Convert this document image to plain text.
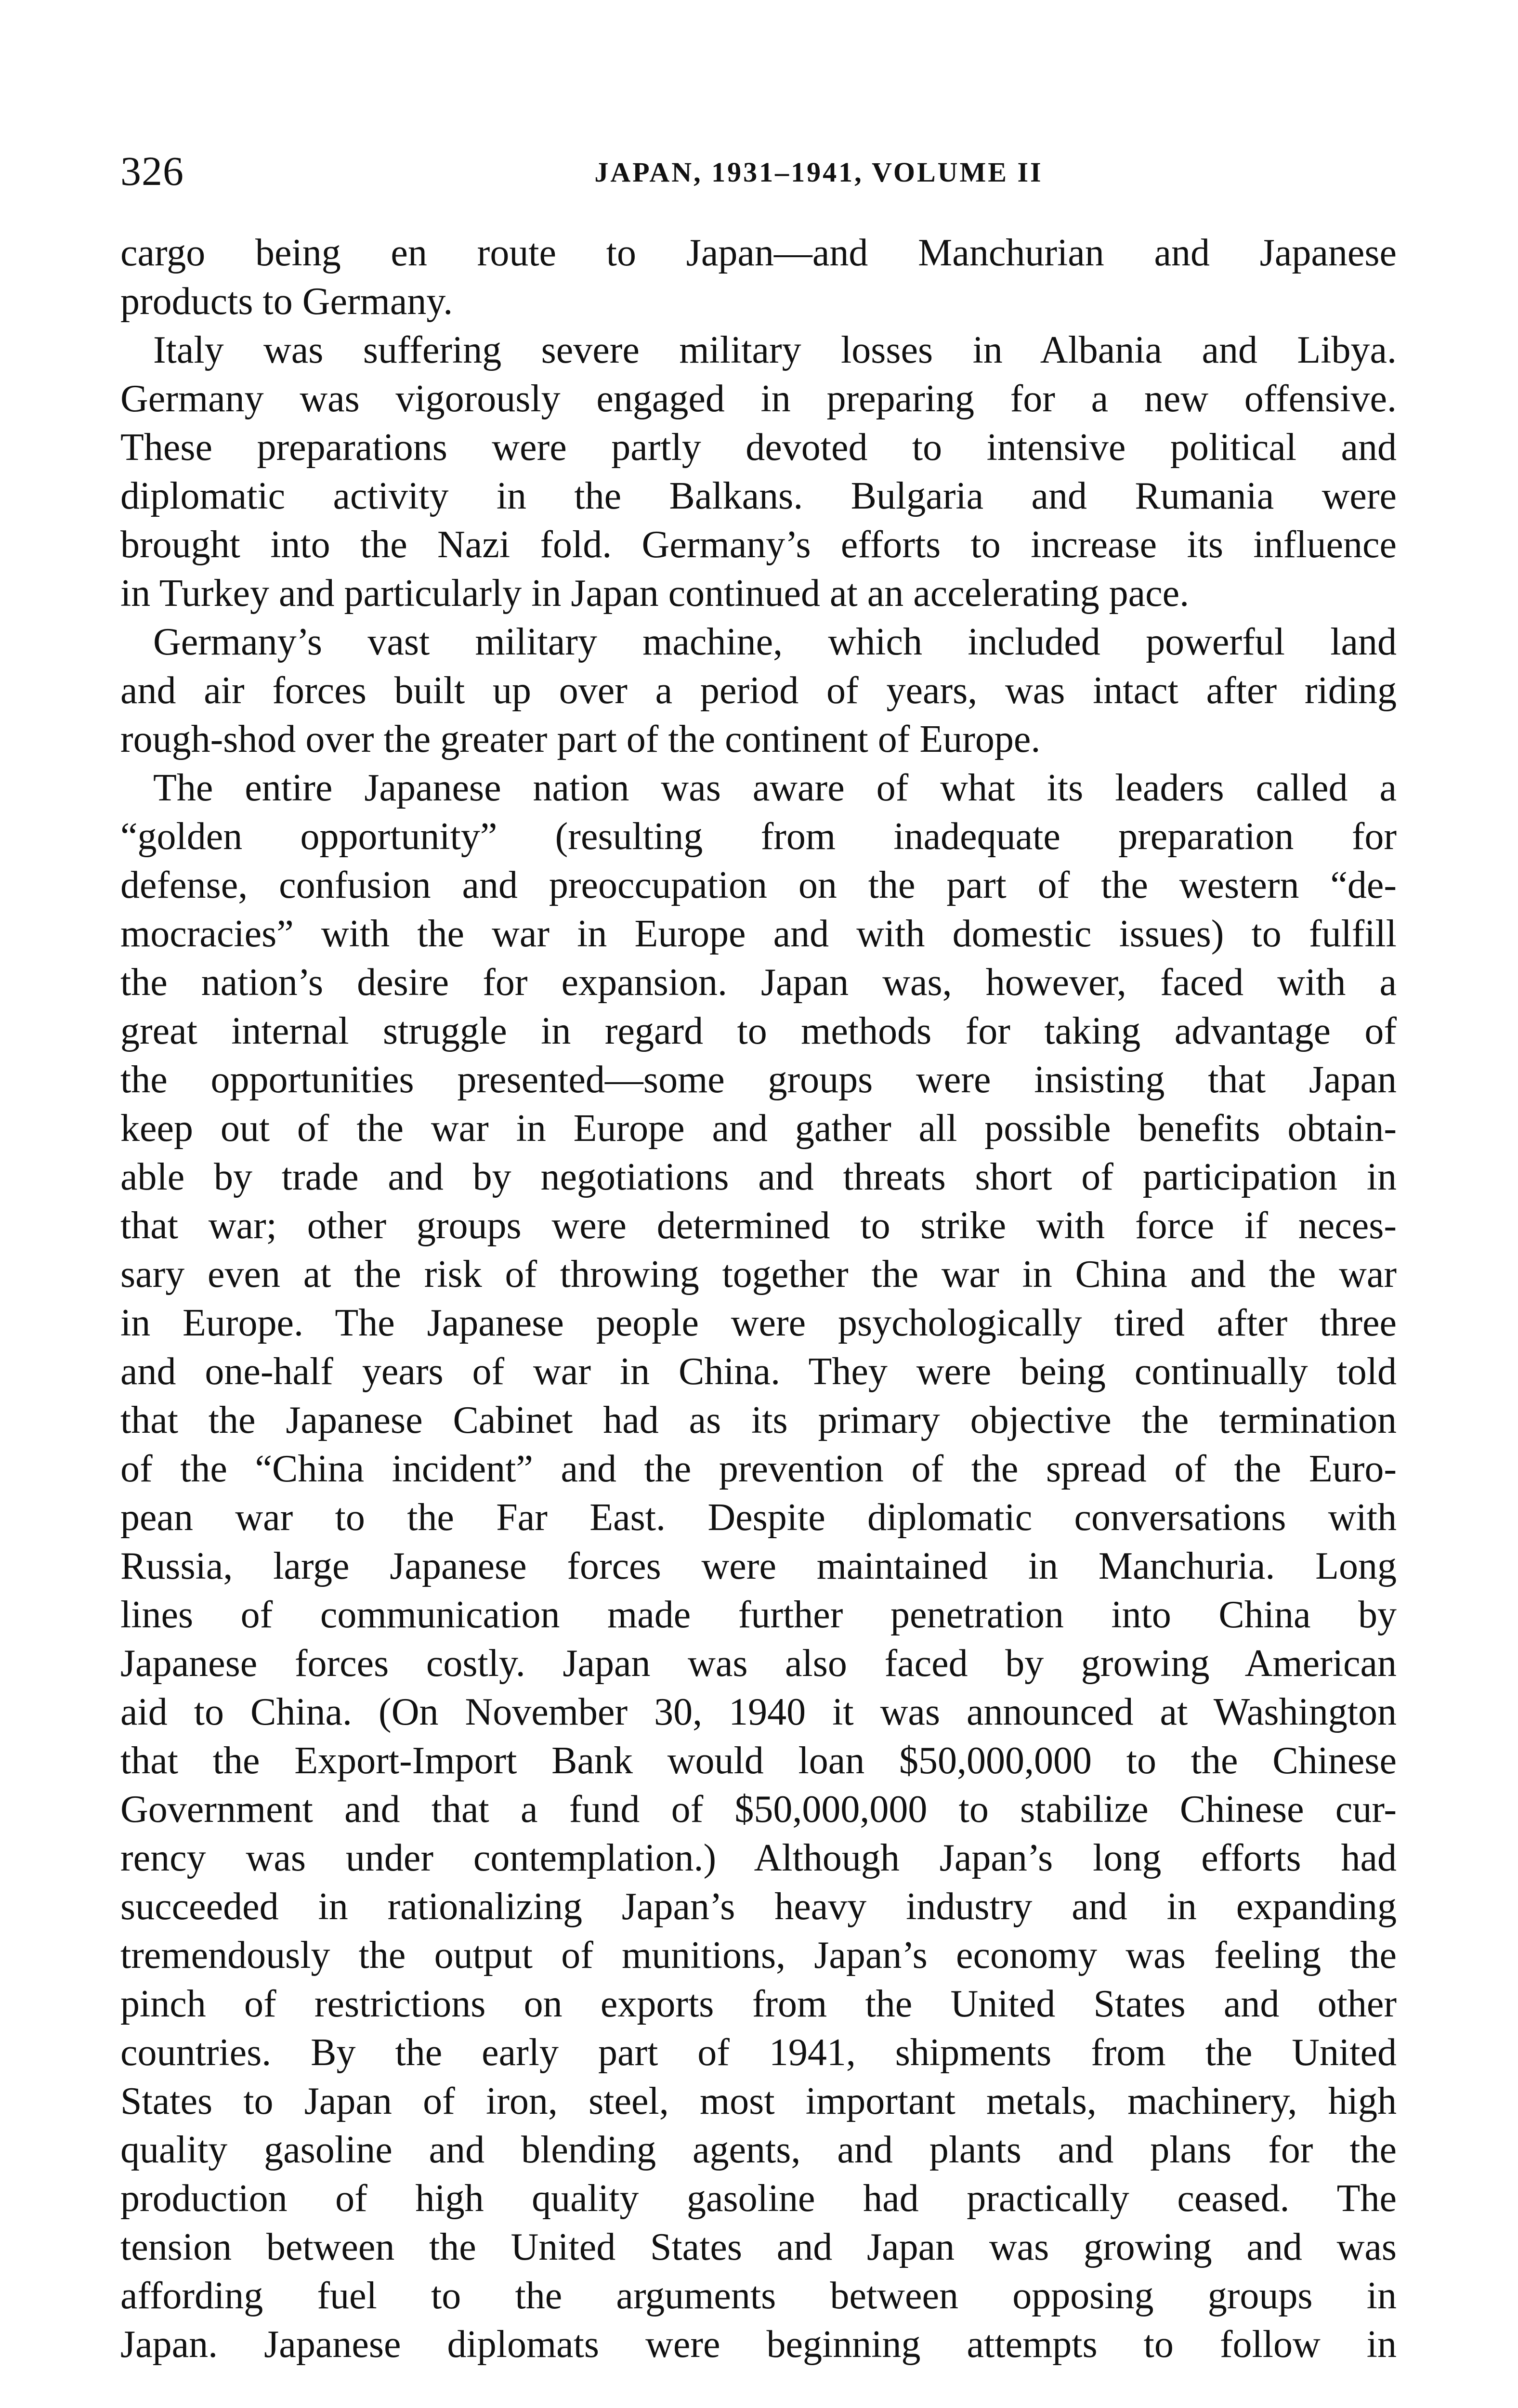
326	JAPAN, 1931–1941, VOLUME II
cargo being en route to Japan—and Manchurian and Japanese
products to Germany.
Italy was suffering severe military losses in Albania and Libya.
Germany was vigorously engaged in preparing for a new offensive.
These preparations were partly devoted to intensive political and
diplomatic activity in the Balkans. Bulgaria and Rumania were
brought into the Nazi fold. Germany’s efforts to increase its influence
in Turkey and particularly in Japan continued at an accelerating pace.
Germany’s vast military machine, which included powerful land
and air forces built up over a period of years, was intact after riding
rough-shod over the greater part of the continent of Europe.
The entire Japanese nation was aware of what its leaders called a
“golden opportunity” (resulting from inadequate preparation for
defense, confusion and preoccupation on the part of the western “de-
mocracies” with the war in Europe and with domestic issues) to fulfill
the nation’s desire for expansion. Japan was, however, faced with a
great internal struggle in regard to methods for taking advantage of
the opportunities presented—some groups were insisting that Japan
keep out of the war in Europe and gather all possible benefits obtain-
able by trade and by negotiations and threats short of participation in
that war; other groups were determined to strike with force if neces-
sary even at the risk of throwing together the war in China and the war
in Europe. The Japanese people were psychologically tired after three
and one-half years of war in China. They were being continually told
that the Japanese Cabinet had as its primary objective the termination
of the “China incident” and the prevention of the spread of the Euro-
pean war to the Far East. Despite diplomatic conversations with
Russia, large Japanese forces were maintained in Manchuria. Long
lines of communication made further penetration into China by
Japanese forces costly. Japan was also faced by growing American
aid to China. (On November 30, 1940 it was announced at Washington
that the Export-Import Bank would loan $50,000,000 to the Chinese
Government and that a fund of $50,000,000 to stabilize Chinese cur-
rency was under contemplation.) Although Japan’s long efforts had
succeeded in rationalizing Japan’s heavy industry and in expanding
tremendously the output of munitions, Japan’s economy was feeling the
pinch of restrictions on exports from the United States and other
countries. By the early part of 1941, shipments from the United
States to Japan of iron, steel, most important metals, machinery, high
quality gasoline and blending agents, and plants and plans for the
production of high quality gasoline had practically ceased. The
tension between the United States and Japan was growing and was
affording fuel to the arguments between opposing groups in
Japan. Japanese diplomats were beginning attempts to follow in
